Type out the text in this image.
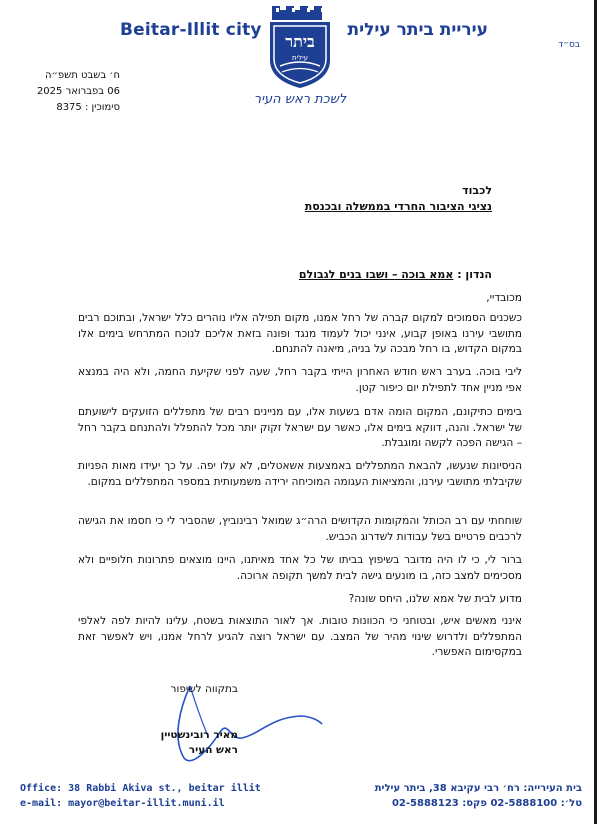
Beitar-Illit city	עיריית ביתר עילית
בס״ד
ביתר
עילית
לשכת ראש העיר
ח׳ בשבט תשפ״ה
06 בפברואר 2025
סימוכין : 8375
לכבוד
נציגי הציבור החרדי בממשלה ובכנסת
הנדון : אמא בוכה – ושבו בנים לגבולם
מכובדיי,
כשכנים הסמוכים למקום קברה של רחל אמנו, מקום תפילה אליו נוהרים כלל ישראל, ובתוכם רבים מתושבי עירנו באופן קבוע, אינני יכול לעמוד מנגד ופונה בזאת אליכם לנוכח המתרחש בימים אלו במקום הקדוש, בו רחל מבכה על בניה, מיאנה להתנחם.
ליבי בוכה. בערב ראש חודש האחרון הייתי בקבר רחל, שעה לפני שקיעת החמה, ולא היה במנצא אפי מניין אחד לתפילת יום כיפור קטן.
בימים כתיקונם, המקום הומה אדם בשעות אלו, עם מניינים רבים של מתפללים הזועקים לישועתם של ישראל. והנה, דווקא בימים אלו, כאשר עם ישראל זקוק יותר מכל להתפלל ולהתנחם בקבר רחל – הגישה הפכה לקשה ומוגבלת.
הניסיונות שנעשו, להבאת המתפללים באמצעות אשאטלים, לא עלו יפה. על כך יעידו מאות הפניות שקיבלתי מתושבי עירנו, והמציאות העגומה המוכיחה ירידה משמעותית במספר המתפללים במקום.
שוחחתי עם רב הכותל והמקומות הקדושים הרה״ג שמואל רבינוביץ, שהסביר לי כי חסמו את הגישה לרכבים פרטיים בשל עבודות לשדרוג הכביש.
ברור לי, כי לו היה מדובר בשיפוץ בביתו של כל אחד מאיתנו, היינו מוצאים פתרונות חלופיים ולא מסכימים למצב כזה, בו מונעים גישה לבית למשך תקופה ארוכה.
מדוע לבית של אמא שלנו, היחס שונה?
אינני מאשים איש, ובטוחני כי הכוונות טובות. אך לאור התוצאות בשטח, עלינו להיות לפה לאלפי המתפללים ולדרוש שינוי מהיר של המצב. עם ישראל רוצה להגיע לרחל אמנו, ויש לאפשר זאת במקסימום האפשרי.
בתקווה לשיפור
מאיר רובינשטיין
ראש העיר
Office: 38 Rabbi Akiva st., beitar illit	בית העירייה: רח׳ רבי עקיבא 38, ביתר עילית
e-mail: mayor@beitar-illit.muni.il	טל׳: 02-5888100 פקס: 02-5888123
